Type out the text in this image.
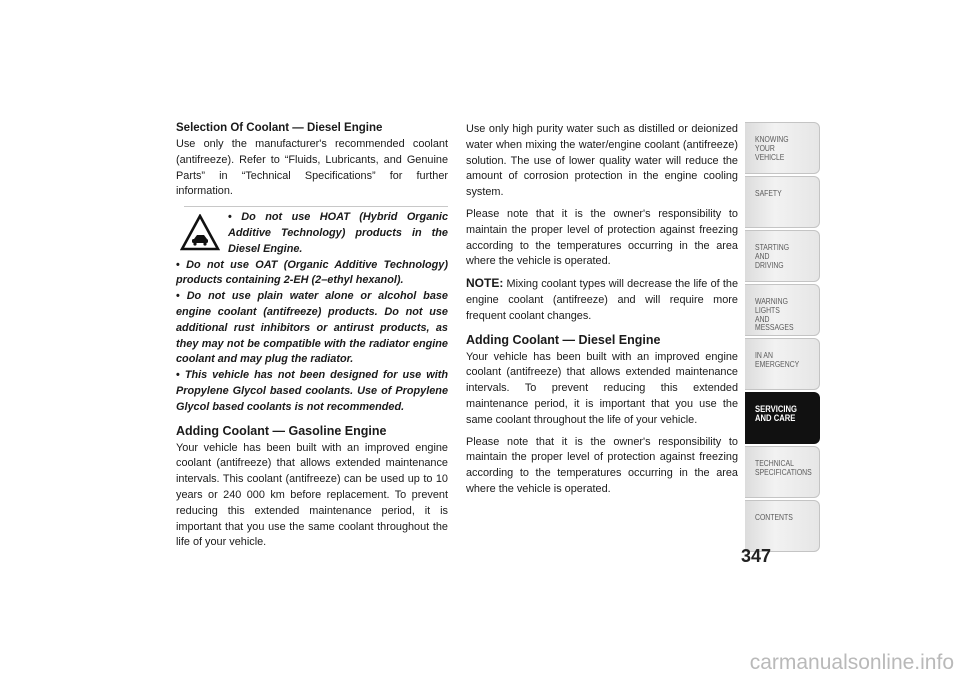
Selection Of Coolant — Diesel Engine

Use only the manufacturer's recommended coolant (antifreeze). Refer to “Fluids, Lubricants, and Genuine Parts” in “Technical Specifications” for further information.

• Do not use HOAT (Hybrid Organic Additive Technology) products in the Diesel Engine.

• Do not use OAT (Organic Additive Technology) products containing 2-EH (2–ethyl hexanol).

• Do not use plain water alone or alcohol base engine coolant (antifreeze) products. Do not use additional rust inhibitors or antirust products, as they may not be compatible with the radiator engine coolant and may plug the radiator.

• This vehicle has not been designed for use with Propylene Glycol based coolants. Use of Propylene Glycol based coolants is not recommended.

Adding Coolant — Gasoline Engine

Your vehicle has been built with an improved engine coolant (antifreeze) that allows extended maintenance intervals. This coolant (antifreeze) can be used up to 10 years or 240 000 km before replacement. To prevent reducing this extended maintenance period, it is important that you use the same coolant throughout the life of your vehicle.

Use only high purity water such as distilled or deionized water when mixing the water/engine coolant (antifreeze) solution. The use of lower quality water will reduce the amount of corrosion protection in the engine cooling system.

Please note that it is the owner's responsibility to maintain the proper level of protection against freezing according to the temperatures occurring in the area where the vehicle is operated.

NOTE: Mixing coolant types will decrease the life of the engine coolant (antifreeze) and will require more frequent coolant changes.

Adding Coolant — Diesel Engine

Your vehicle has been built with an improved engine coolant (antifreeze) that allows extended maintenance intervals. To prevent reducing this extended maintenance period, it is important that you use the same coolant throughout the life of your vehicle.

Please note that it is the owner's responsibility to maintain the proper level of protection against freezing according to the temperatures occurring in the area where the vehicle is operated.

KNOWING
YOUR
VEHICLE
SAFETY
STARTING
AND
DRIVING
WARNING
LIGHTS
AND
MESSAGES
IN AN
EMERGENCY
SERVICING
AND CARE
TECHNICAL
SPECIFICATIONS
CONTENTS
347
carmanualsonline.info
